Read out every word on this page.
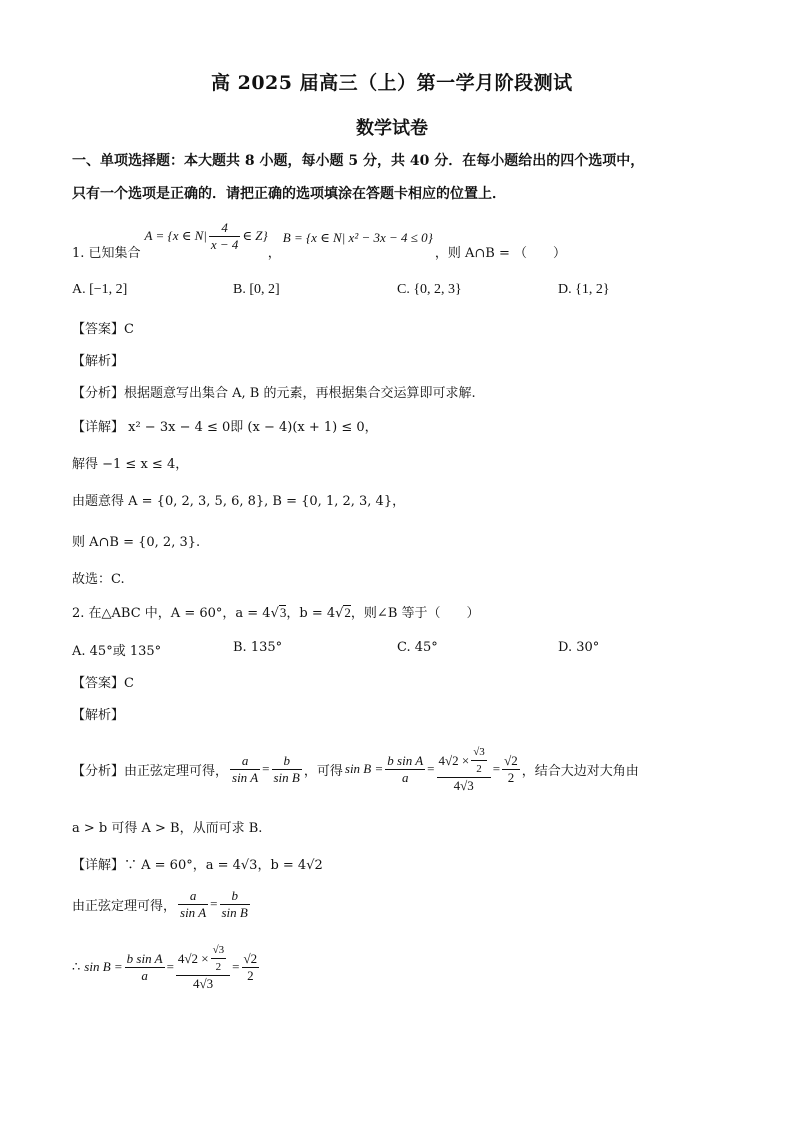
高 2025 届高三（上）第一学月阶段测试
数学试卷
一、单项选择题：本大题共 8 小题，每小题 5 分，共 40 分．在每小题给出的四个选项中，
只有一个选项是正确的．请把正确的选项填涂在答题卡相应的位置上．
1. 已知集合
A = {x ∈ $N| \frac{4}{x - 4}$ ∈ Z}
，
B = {x ∈ N| x² − 3x − 4 ≤ 0}
，则 A∩B = （　　）
A. [−1, 2]	B. [0, 2]	C. {0, 2, 3}	D. {1, 2}
【答案】C
【解析】
【分析】根据题意写出集合 A, B 的元素，再根据集合交运算即可求解.
【详解】 x² − 3x − 4 ≤ 0即 (x − 4)(x + 1) ≤ 0，
解得 −1 ≤ x ≤ 4，
由题意得 A = {0, 2, 3, 5, 6, 8}, B = {0, 1, 2, 3, 4}，
则 A∩B = {0, 2, 3}.
故选：C.
2. 在△ABC 中，A = 60°，a = 4√3，b = 4√2，则∠B 等于（　　）
A. 45°或 135°	B. 135°	C. 45°	D. 30°
【答案】C
【解析】
【分析】由正弦定理可得， $\frac{a}{\text{sin A}} = \frac{b}{\text{sin B}}$ ，可得 $\sin B = \frac{\text{b sin A}}{a} = \frac{4√2 \times \frac{√3}{2}}{4√3} = \frac{√2}{2}$ ，结合大边对大角由
a > b 可得 A > B，从而可求 B.
【详解】∵ A = 60°，a = 4√3，b = 4√2
由正弦定理可得， $\frac{a}{\text{sin A}} = \frac{b}{\text{sin B}}$
∴ $\sin B = \frac{\text{b sin A}}{a} = \frac{4√2 \times \frac{√3}{2}}{4√3} = \frac{√2}{2}$
